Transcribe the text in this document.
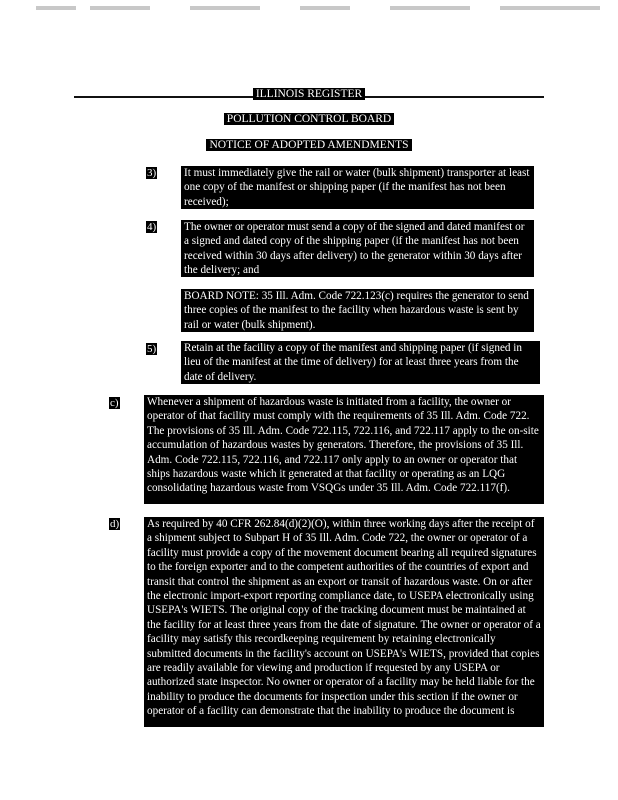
ILLINOIS REGISTER
POLLUTION CONTROL BOARD
NOTICE OF ADOPTED AMENDMENTS
3) It must immediately give the rail or water (bulk shipment) transporter at least one copy of the manifest or shipping paper (if the manifest has not been received);
4) The owner or operator must send a copy of the signed and dated manifest or a signed and dated copy of the shipping paper (if the manifest has not been received within 30 days after delivery) to the generator within 30 days after the delivery; and
BOARD NOTE: 35 Ill. Adm. Code 722.123(c) requires the generator to send three copies of the manifest to the facility when hazardous waste is sent by rail or water (bulk shipment).
5) Retain at the facility a copy of the manifest and shipping paper (if signed in lieu of the manifest at the time of delivery) for at least three years from the date of delivery.
c)	Whenever a shipment of hazardous waste is initiated from a facility, the owner or operator of that facility must comply with the requirements of 35 Ill. Adm. Code 722. The provisions of 35 Ill. Adm. Code 722.115, 722.116, and 722.117 apply to the on-site accumulation of hazardous wastes by generators. Therefore, the provisions of 35 Ill. Adm. Code 722.115, 722.116, and 722.117 only apply to an owner or operator that ships hazardous waste which it generated at that facility or operating as an LQG consolidating hazardous waste from VSQGs under 35 Ill. Adm. Code 722.117(f).
d) As required by 40 CFR 262.84(d)(2)(O), within three working days after the receipt of a shipment subject to Subpart H of 35 Ill. Adm. Code 722, the owner or operator of a facility must provide a copy of the movement document bearing all required signatures to the foreign exporter and to the competent authorities of the countries of export and transit that control the shipment as an export or transit of hazardous waste. On or after the electronic import-export reporting compliance date, to USEPA electronically using USEPA's WIETS. The original copy of the tracking document must be maintained at the facility for at least three years from the date of signature. The owner or operator of a facility may satisfy this recordkeeping requirement by retaining electronically submitted documents in the facility's account on USEPA's WIETS, provided that copies are readily available for viewing and production if requested by any USEPA or authorized state inspector. No owner or operator of a facility may be held liable for the inability to produce the documents for inspection under this section if the owner or operator of a facility can demonstrate that the inability to produce the document is
